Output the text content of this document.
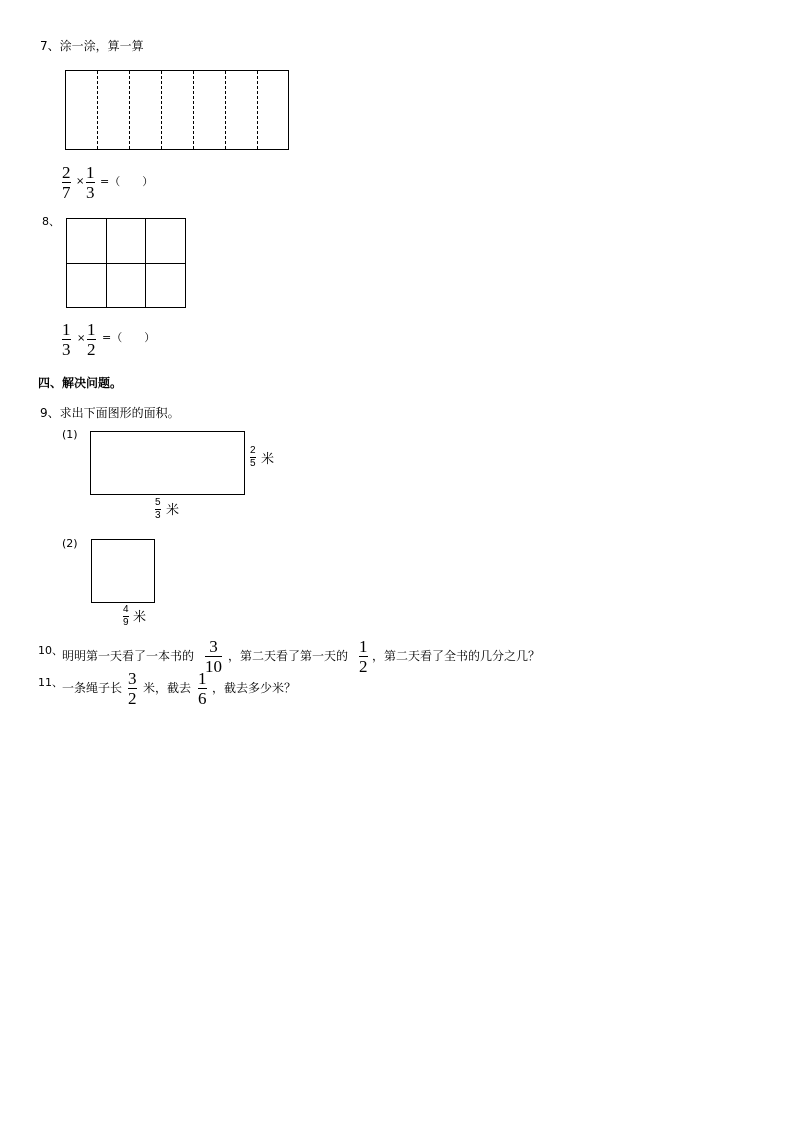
7、涂一涂，算一算
2
7
× 1
3
=（　　）
8、
1
3
× 1
2
=（　　）
四、解决问题。
9、求出下面图形的面积。
(1)
2
5 米
5
3 米
(2)
4
9 米
10、 明明第一天看了一本书的 3
10
，第二天看了第一天的 1
2
，第二天看了全书的几分之几？
11、 一条绳子长 3
2
米，截去 1
6
，截去多少米？
